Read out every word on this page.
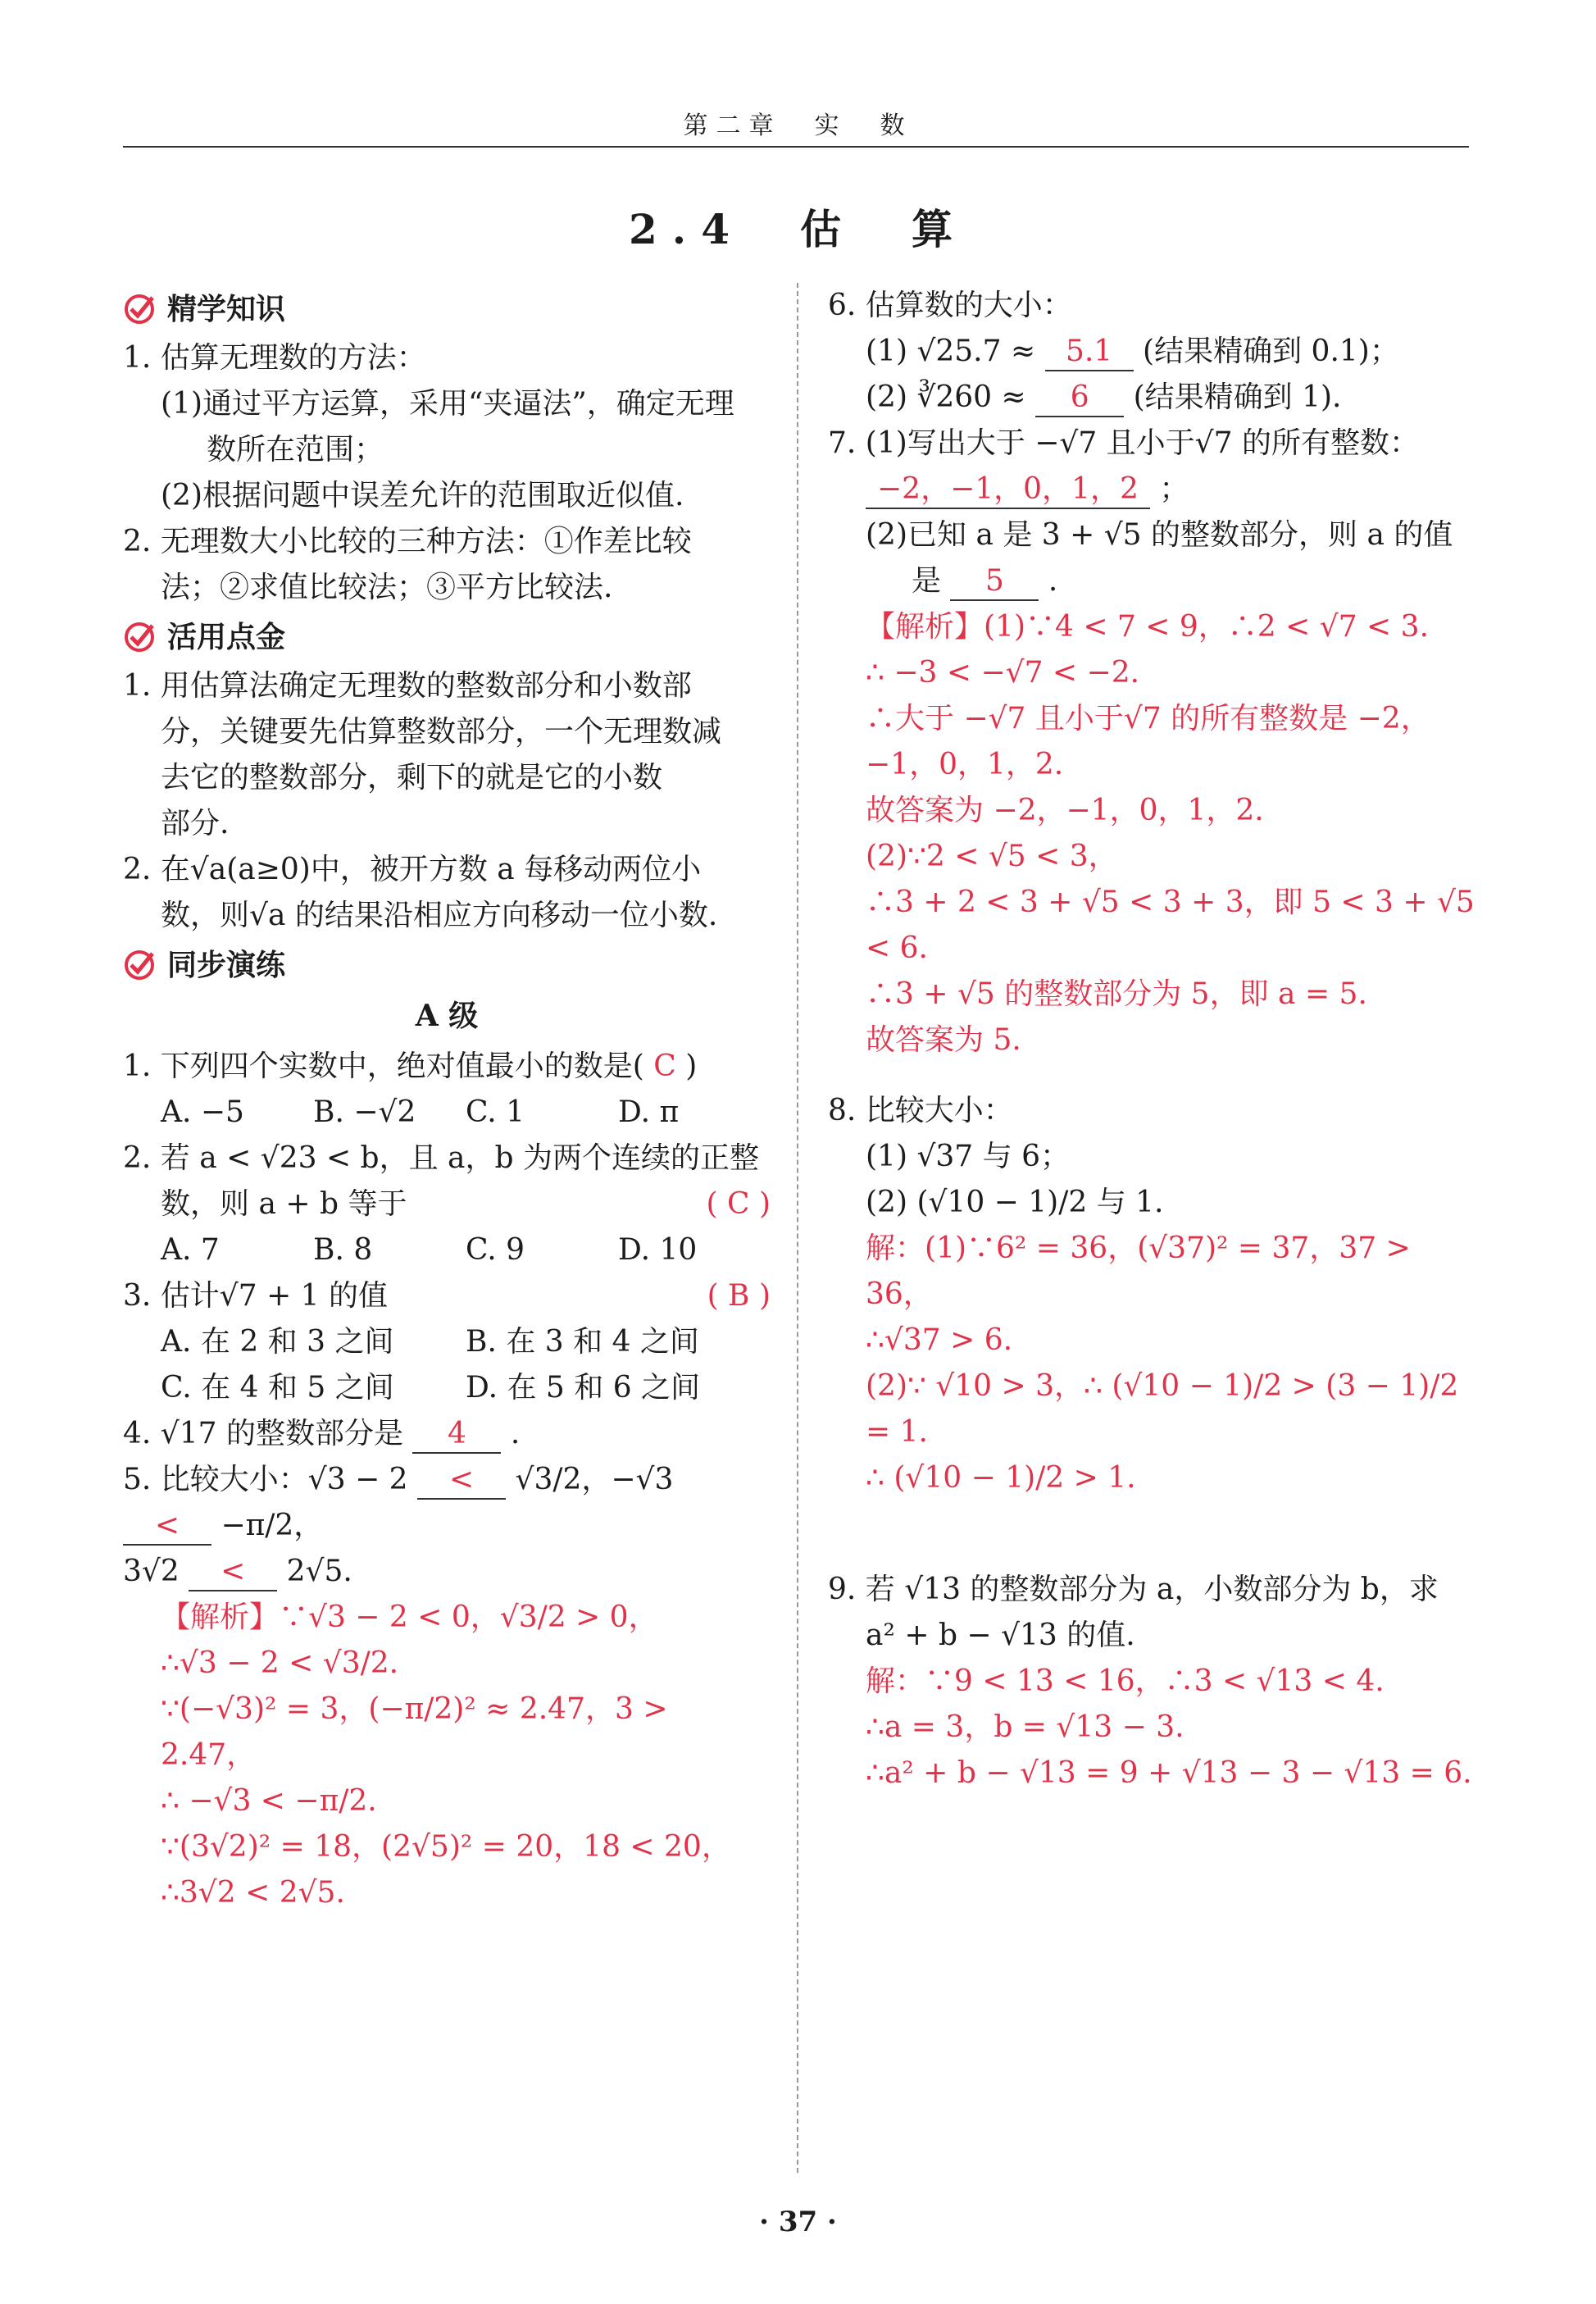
第二章　实　数
2.4　估　算
精学知识

1. 估算无理数的方法：

(1)通过平方运算，采用“夹逼法”，确定无理

数所在范围；

(2)根据问题中误差允许的范围取近似值.

2. 无理数大小比较的三种方法：①作差比较

法；②求值比较法；③平方比较法.

活用点金

1. 用估算法确定无理数的整数部分和小数部

分，关键要先估算整数部分，一个无理数减

去它的整数部分，剩下的就是它的小数

部分.

2. 在√a(a≥0)中，被开方数 a 每移动两位小

数，则√a 的结果沿相应方向移动一位小数.

同步演练
A 级

1. 下列四个实数中，绝对值最小的数是( C )

A. −5	B. −√2	C. 1	D. π

2. 若 a < √23 < b，且 a，b 为两个连续的正整

数，则 a + b 等于	( C )

A. 7	B. 8	C. 9	D. 10

3. 估计√7 + 1 的值	( B )

A. 在 2 和 3 之间	B. 在 3 和 4 之间
C. 在 4 和 5 之间	D. 在 5 和 6 之间

4. √17 的整数部分是 4 .

5. 比较大小：√3 − 2 < √3/2，−√3 < −π/2，

3√2 < 2√5.

【解析】∵√3 − 2 < 0，√3/2 > 0，

∴√3 − 2 < √3/2.

∵(−√3)² = 3，(−π/2)² ≈ 2.47，3 > 2.47，

∴ −√3 < −π/2.

∵(3√2)² = 18，(2√5)² = 20，18 < 20，

∴3√2 < 2√5.

6. 估算数的大小：

(1) √25.7 ≈ 5.1 (结果精确到 0.1)；

(2) ∛260 ≈ 6 (结果精确到 1).

7. (1)写出大于 −√7 且小于√7 的所有整数：

−2，−1，0，1，2 ；

(2)已知 a 是 3 + √5 的整数部分，则 a 的值

是 5 .

【解析】(1)∵4 < 7 < 9，∴2 < √7 < 3.

∴ −3 < −√7 < −2.

∴大于 −√7 且小于√7 的所有整数是 −2，

−1，0，1，2.

故答案为 −2，−1，0，1，2.

(2)∵2 < √5 < 3，

∴3 + 2 < 3 + √5 < 3 + 3，即 5 < 3 + √5 < 6.

∴3 + √5 的整数部分为 5，即 a = 5.

故答案为 5.

8. 比较大小：

(1) √37 与 6；

(2) (√10 − 1)/2 与 1.

解：(1)∵6² = 36，(√37)² = 37，37 > 36，

∴√37 > 6.

(2)∵ √10 > 3，∴ (√10 − 1)/2 > (3 − 1)/2 = 1.

∴ (√10 − 1)/2 > 1.

9. 若 √13 的整数部分为 a，小数部分为 b，求

a² + b − √13 的值.

解：∵9 < 13 < 16，∴3 < √13 < 4.

∴a = 3，b = √13 − 3.

∴a² + b − √13 = 9 + √13 − 3 − √13 = 6.

· 37 ·
